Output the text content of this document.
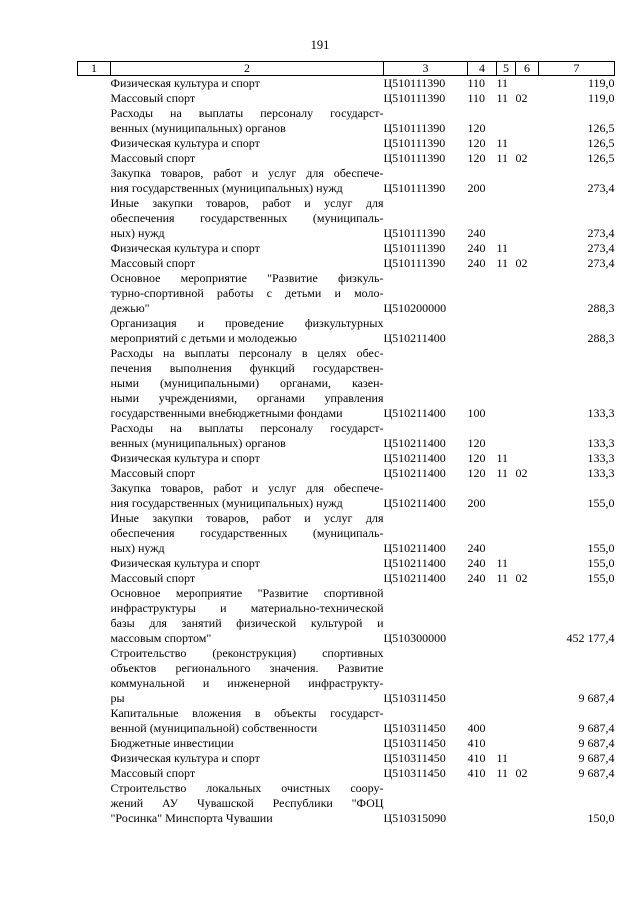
191
1	2	3	4	5	6	7

	Физическая культура и спорт	Ц510111390	110	11		119,0

	Массовый спорт	Ц510111390	110	11	02	119,0

	Расходы на выплаты персоналу государст-
венных (муниципальных) органов	Ц510111390	120			126,5

	Физическая культура и спорт	Ц510111390	120	11		126,5

	Массовый спорт	Ц510111390	120	11	02	126,5

	Закупка товаров, работ и услуг для обеспече-
ния государственных (муниципальных) нужд	Ц510111390	200			273,4

	Иные закупки товаров, работ и услуг для
обеспечения государственных (муниципаль-
ных) нужд	Ц510111390	240			273,4

	Физическая культура и спорт	Ц510111390	240	11		273,4

	Массовый спорт	Ц510111390	240	11	02	273,4

	Основное мероприятие "Развитие физкуль-
турно-спортивной работы с детьми и моло-
дежью"	Ц510200000				288,3

	Организация и проведение физкультурных
мероприятий с детьми и молодежью	Ц510211400				288,3

	Расходы на выплаты персоналу в целях обес-
печения выполнения функций государствен-
ными (муниципальными) органами, казен-
ными учреждениями, органами управления
государственными внебюджетными фондами	Ц510211400	100			133,3

	Расходы на выплаты персоналу государст-
венных (муниципальных) органов	Ц510211400	120			133,3

	Физическая культура и спорт	Ц510211400	120	11		133,3

	Массовый спорт	Ц510211400	120	11	02	133,3

	Закупка товаров, работ и услуг для обеспече-
ния государственных (муниципальных) нужд	Ц510211400	200			155,0

	Иные закупки товаров, работ и услуг для
обеспечения государственных (муниципаль-
ных) нужд	Ц510211400	240			155,0

	Физическая культура и спорт	Ц510211400	240	11		155,0

	Массовый спорт	Ц510211400	240	11	02	155,0

	Основное мероприятие "Развитие спортивной
инфраструктуры и материально-технической
базы для занятий физической культурой и
массовым спортом"	Ц510300000				452 177,4

	Строительство (реконструкция) спортивных
объектов регионального значения. Развитие
коммунальной и инженерной инфраструкту-
ры	Ц510311450				9 687,4

	Капитальные вложения в объекты государст-
венной (муниципальной) собственности	Ц510311450	400			9 687,4

	Бюджетные инвестиции	Ц510311450	410			9 687,4

	Физическая культура и спорт	Ц510311450	410	11		9 687,4

	Массовый спорт	Ц510311450	410	11	02	9 687,4

	Строительство локальных очистных соору-
жений АУ Чувашской Республики "ФОЦ
"Росинка" Минспорта Чувашии	Ц510315090				150,0
